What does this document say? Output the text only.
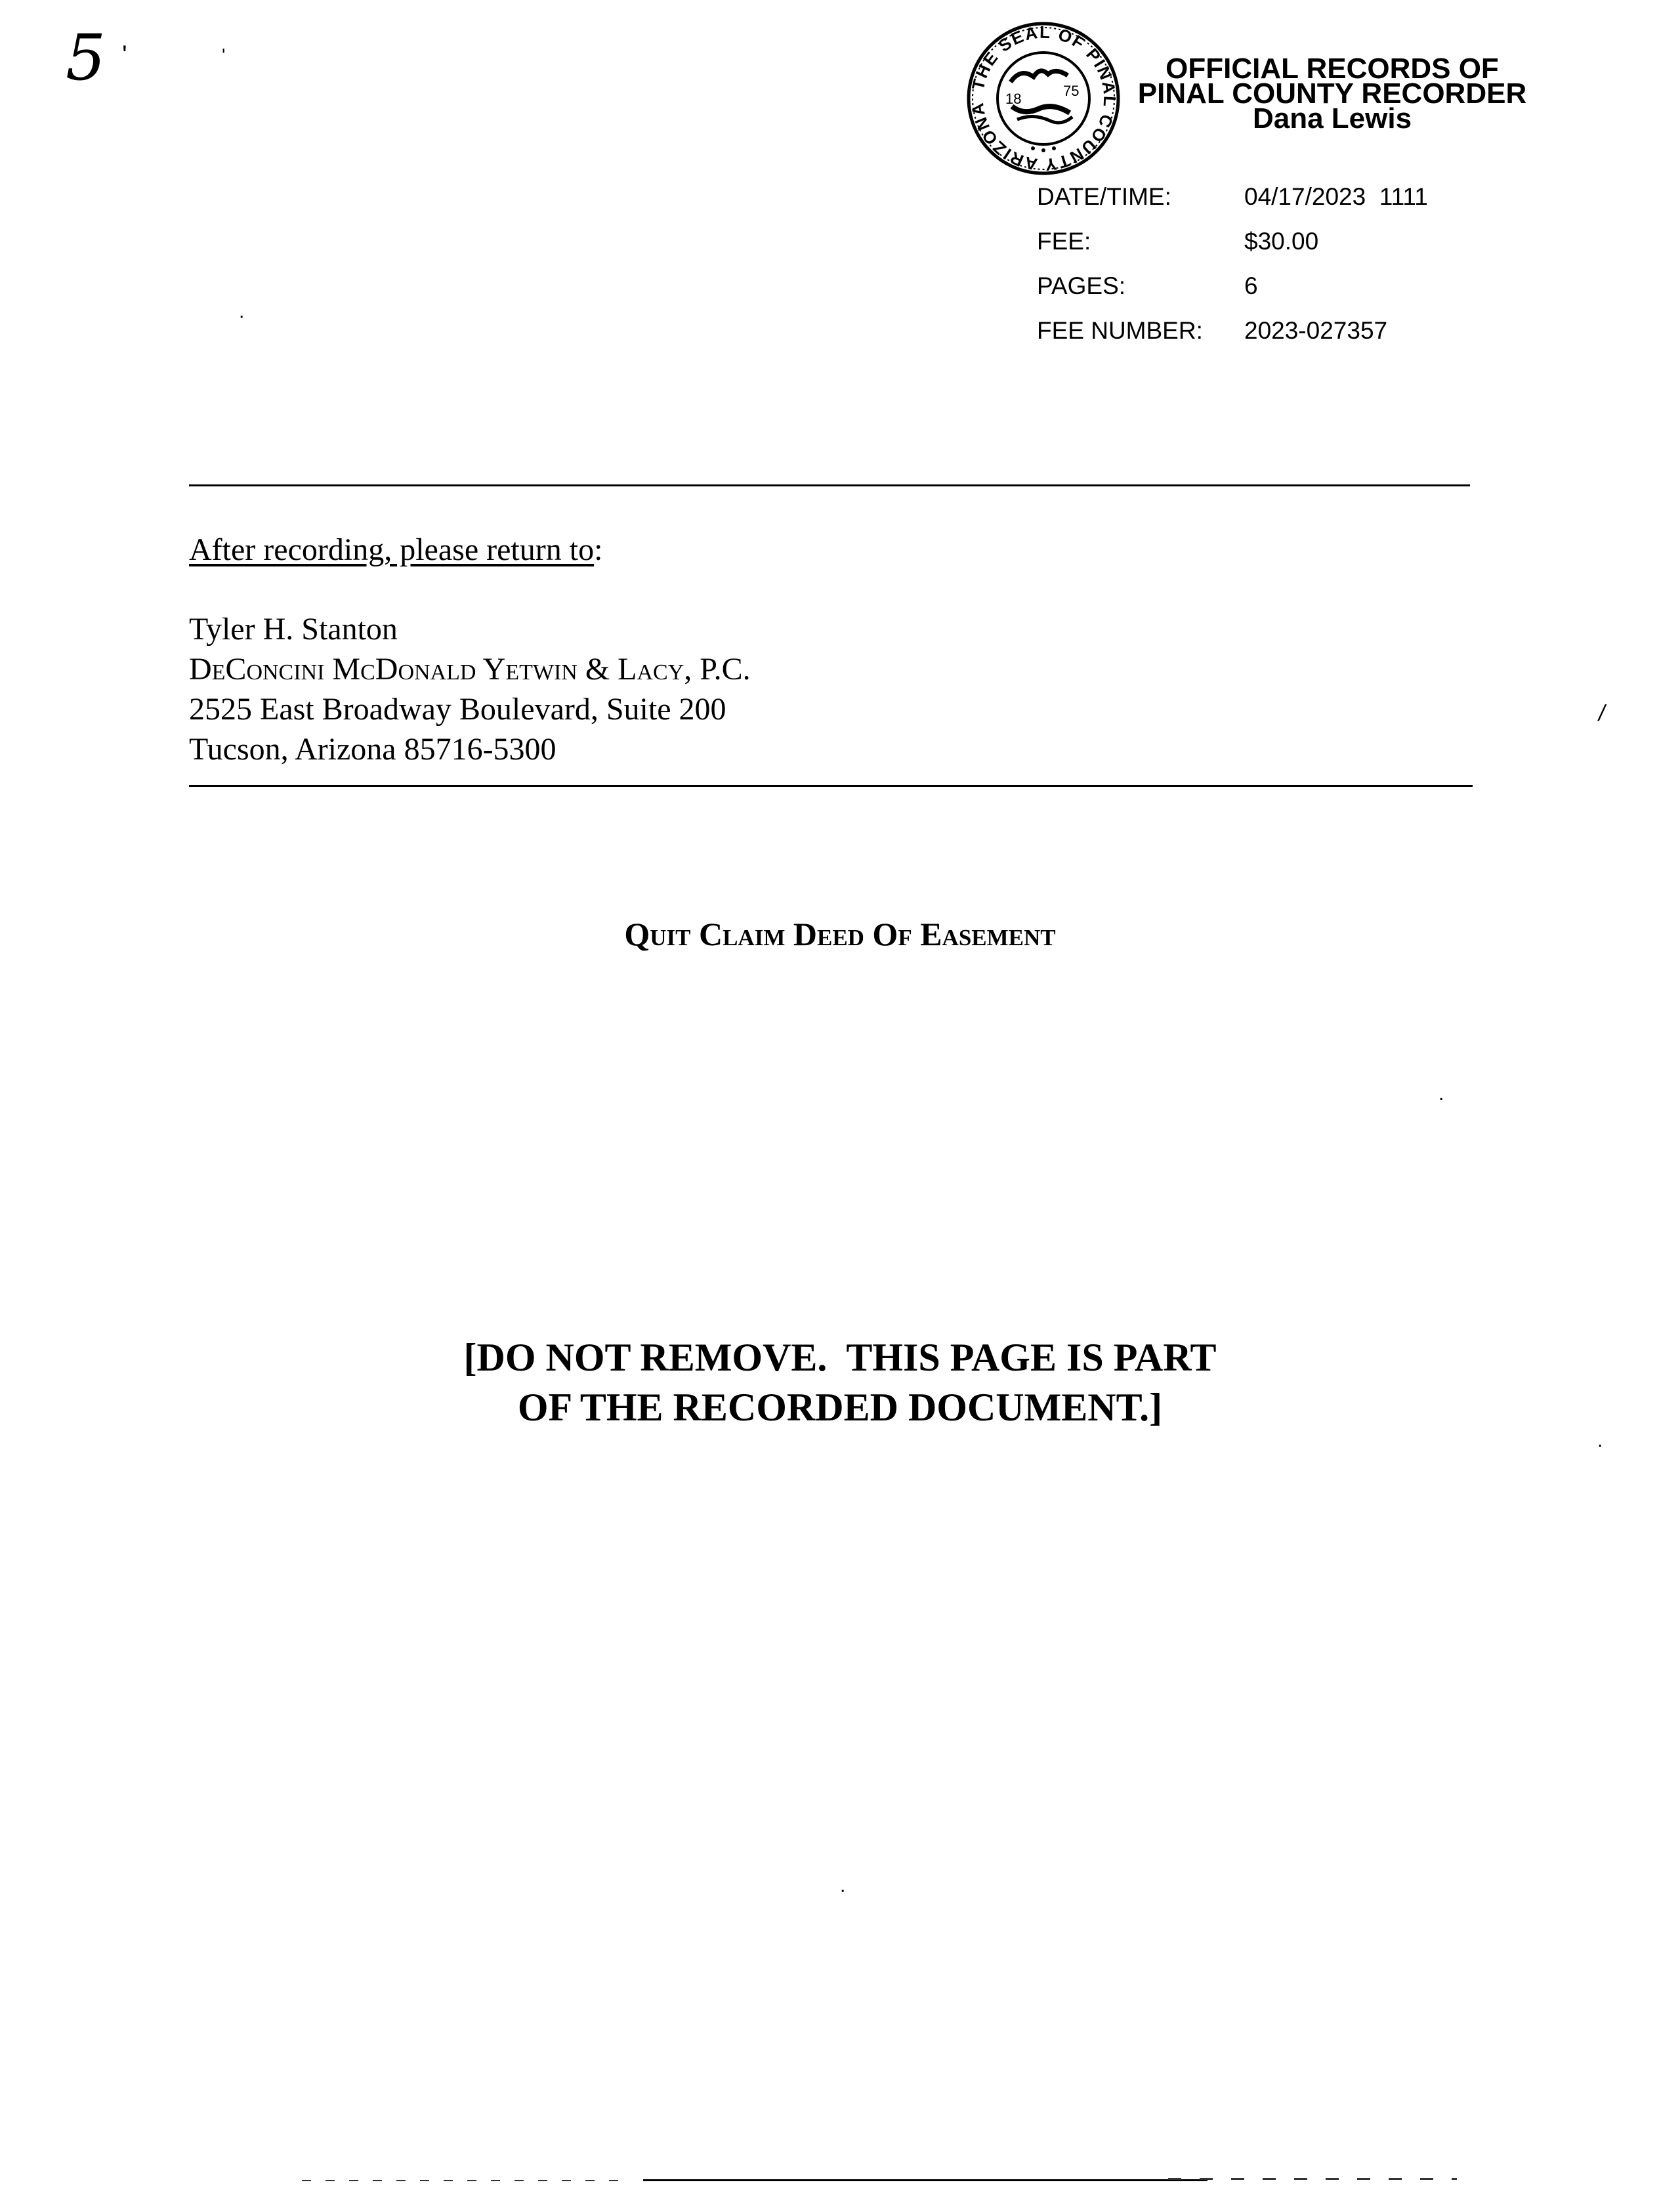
5 '	ˈ
THE SEAL OF PINAL COUNTY ARIZONA
18	75
OFFICIAL RECORDS OF
PINAL COUNTY RECORDER
Dana Lewis
DATE/TIME:	04/17/2023  1111
FEE:	$30.00
PAGES:	6
FEE NUMBER:	2023-027357
.
After recording, please return to:
Tyler H. Stanton
DeConcini McDonald Yetwin & Lacy, P.C.
2525 East Broadway Boulevard, Suite 200
Tucson, Arizona 85716-5300
/
Quit Claim Deed Of Easement
.
[DO NOT REMOVE.  THIS PAGE IS PART
OF THE RECORDED DOCUMENT.]
.
.
